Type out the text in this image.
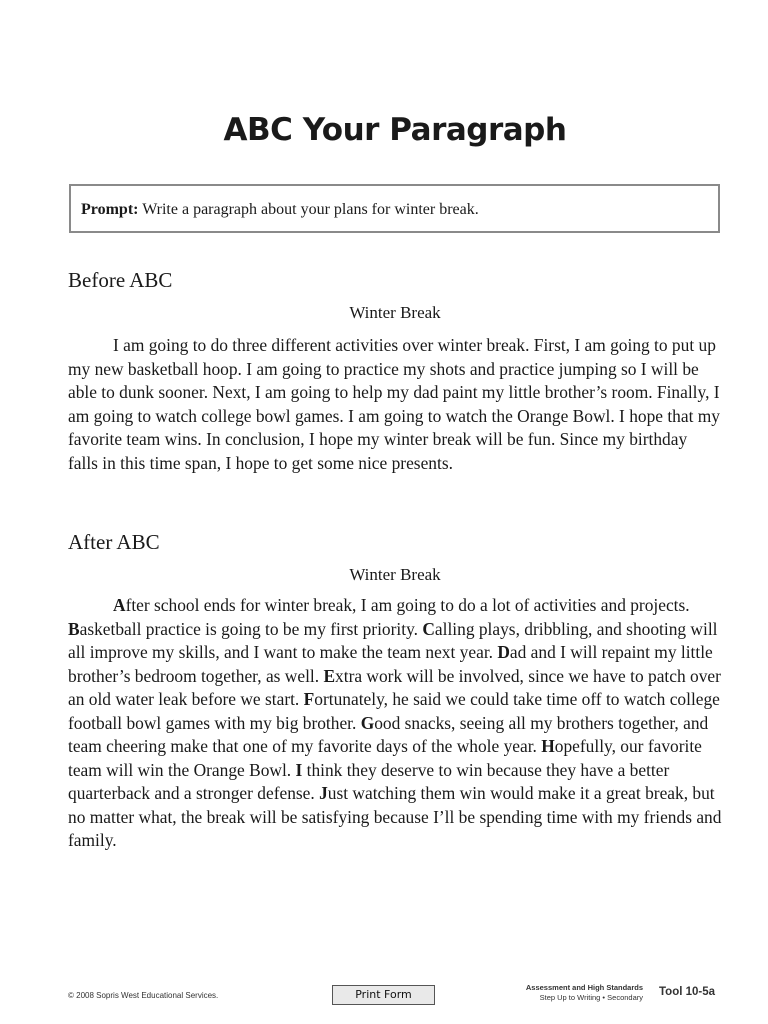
ABC Your Paragraph
Prompt: Write a paragraph about your plans for winter break.
Before ABC
Winter Break

I am going to do three different activities over winter break. First, I am going to put up my new basketball hoop. I am going to practice my shots and practice jumping so I will be able to dunk sooner. Next, I am going to help my dad paint my little brother’s room. Finally, I am going to watch college bowl games. I am going to watch the Orange Bowl. I hope that my favorite team wins. In conclusion, I hope my winter break will be fun. Since my birthday falls in this time span, I hope to get some nice presents.

After ABC
Winter Break

After school ends for winter break, I am going to do a lot of activities and projects. Basketball practice is going to be my first priority. Calling plays, dribbling, and shooting will all improve my skills, and I want to make the team next year. Dad and I will repaint my little brother’s bedroom together, as well. Extra work will be involved, since we have to patch over an old water leak before we start. Fortunately, he said we could take time off to watch college football bowl games with my big brother. Good snacks, seeing all my brothers together, and team cheering make that one of my favorite days of the whole year. Hopefully, our favorite team will win the Orange Bowl. I think they deserve to win because they have a better quarterback and a stronger defense. Just watching them win would make it a great break, but no matter what, the break will be satisfying because I’ll be spending time with my friends and family.

© 2008 Sopris West Educational Services.	Print Form
Assessment and High Standards
Step Up to Writing • Secondary Tool 10-5a
